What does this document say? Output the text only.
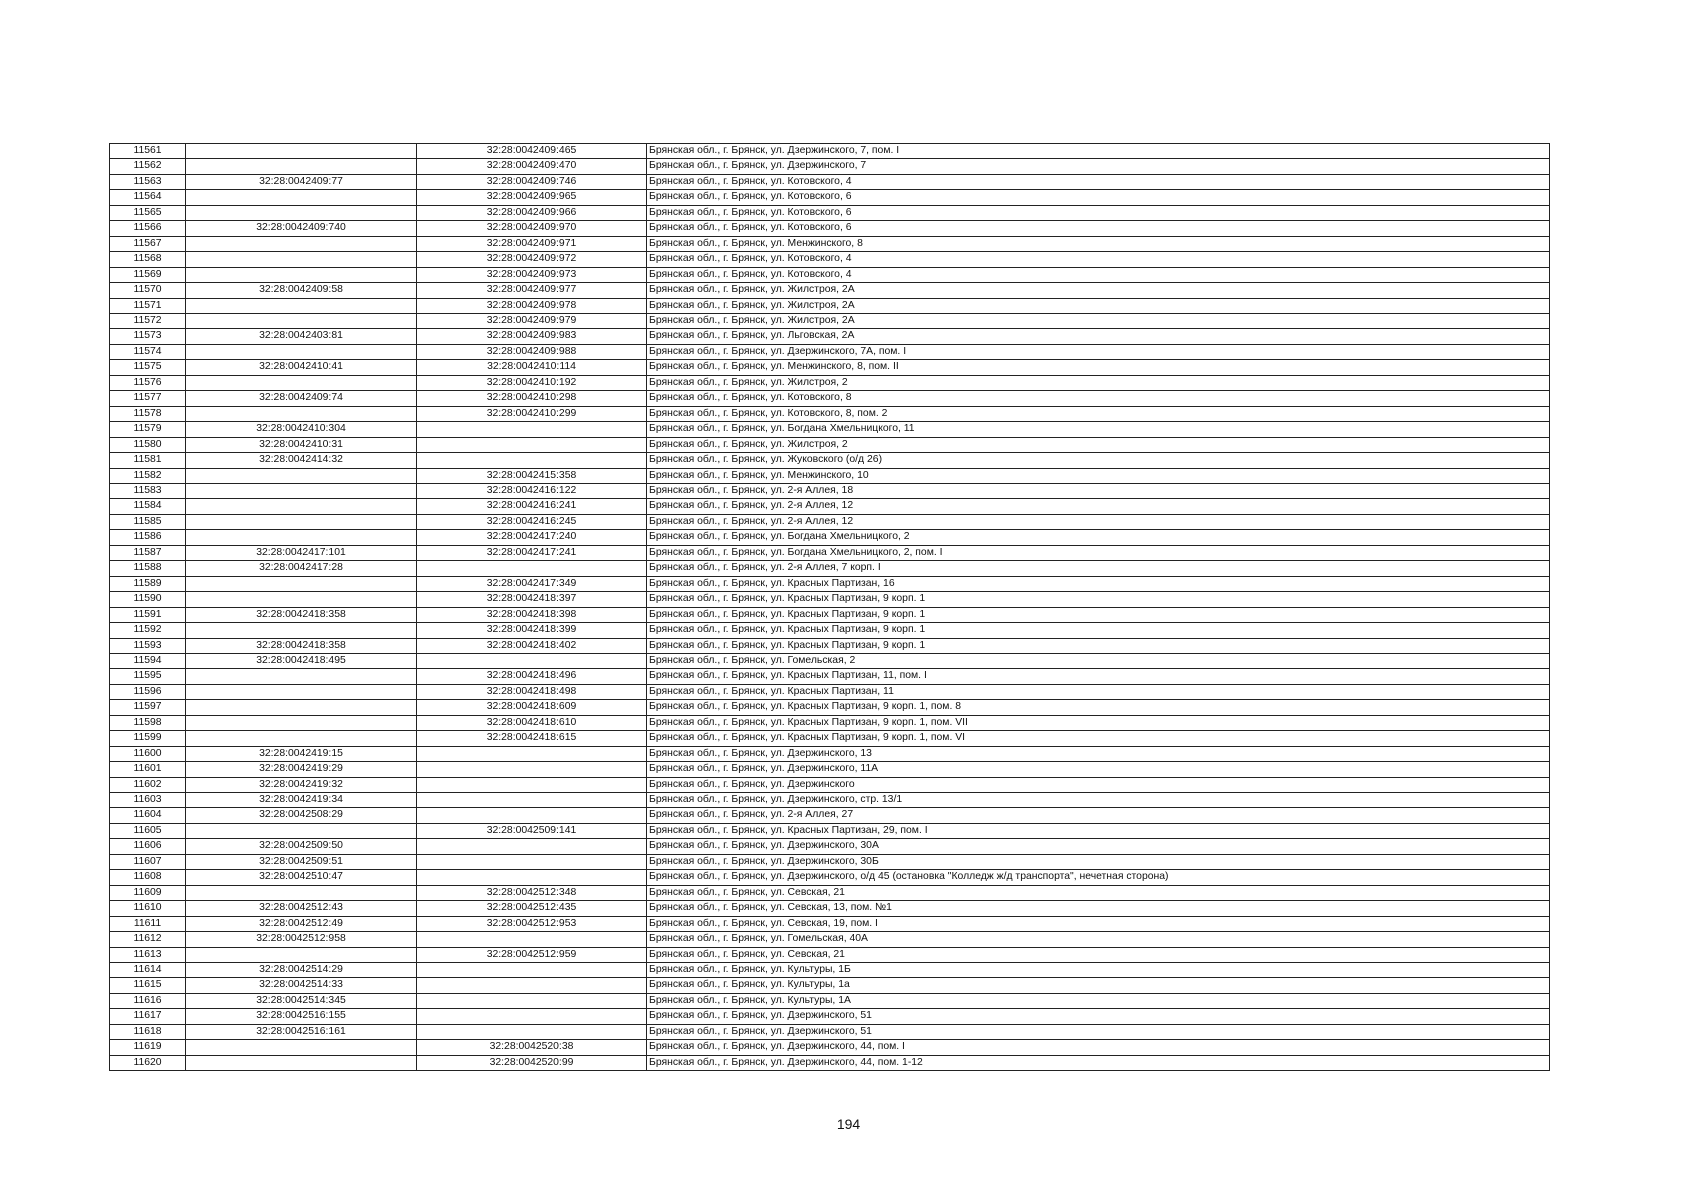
11561		32:28:0042409:465	Брянская обл., г. Брянск, ул. Дзержинского, 7, пом. I
11562		32:28:0042409:470	Брянская обл., г. Брянск, ул. Дзержинского, 7
11563	32:28:0042409:77	32:28:0042409:746	Брянская обл., г. Брянск, ул. Котовского, 4
11564		32:28:0042409:965	Брянская обл., г. Брянск, ул. Котовского, 6
11565		32:28:0042409:966	Брянская обл., г. Брянск, ул. Котовского, 6
11566	32:28:0042409:740	32:28:0042409:970	Брянская обл., г. Брянск, ул. Котовского, 6
11567		32:28:0042409:971	Брянская обл., г. Брянск, ул. Менжинского, 8
11568		32:28:0042409:972	Брянская обл., г. Брянск, ул. Котовского, 4
11569		32:28:0042409:973	Брянская обл., г. Брянск, ул. Котовского, 4
11570	32:28:0042409:58	32:28:0042409:977	Брянская обл., г. Брянск, ул. Жилстроя, 2А
11571		32:28:0042409:978	Брянская обл., г. Брянск, ул. Жилстроя, 2А
11572		32:28:0042409:979	Брянская обл., г. Брянск, ул. Жилстроя, 2А
11573	32:28:0042403:81	32:28:0042409:983	Брянская обл., г. Брянск, ул. Льговская, 2А
11574		32:28:0042409:988	Брянская обл., г. Брянск, ул. Дзержинского, 7А, пом. I
11575	32:28:0042410:41	32:28:0042410:114	Брянская обл., г. Брянск, ул. Менжинского, 8, пом. II
11576		32:28:0042410:192	Брянская обл., г. Брянск, ул. Жилстроя, 2
11577	32:28:0042409:74	32:28:0042410:298	Брянская обл., г. Брянск, ул. Котовского, 8
11578		32:28:0042410:299	Брянская обл., г. Брянск, ул. Котовского, 8, пом. 2
11579	32:28:0042410:304		Брянская обл., г. Брянск, ул. Богдана Хмельницкого, 11
11580	32:28:0042410:31		Брянская обл., г. Брянск, ул. Жилстроя, 2
11581	32:28:0042414:32		Брянская обл., г. Брянск, ул. Жуковского (о/д 26)
11582		32:28:0042415:358	Брянская обл., г. Брянск, ул. Менжинского, 10
11583		32:28:0042416:122	Брянская обл., г. Брянск, ул. 2-я Аллея, 18
11584		32:28:0042416:241	Брянская обл., г. Брянск, ул. 2-я Аллея, 12
11585		32:28:0042416:245	Брянская обл., г. Брянск, ул. 2-я Аллея, 12
11586		32:28:0042417:240	Брянская обл., г. Брянск, ул. Богдана Хмельницкого, 2
11587	32:28:0042417:101	32:28:0042417:241	Брянская обл., г. Брянск, ул. Богдана Хмельницкого, 2, пом. I
11588	32:28:0042417:28		Брянская обл., г. Брянск, ул. 2-я Аллея, 7 корп. I
11589		32:28:0042417:349	Брянская обл., г. Брянск, ул. Красных Партизан, 16
11590		32:28:0042418:397	Брянская обл., г. Брянск, ул. Красных Партизан, 9 корп. 1
11591	32:28:0042418:358	32:28:0042418:398	Брянская обл., г. Брянск, ул. Красных Партизан, 9 корп. 1
11592		32:28:0042418:399	Брянская обл., г. Брянск, ул. Красных Партизан, 9 корп. 1
11593	32:28:0042418:358	32:28:0042418:402	Брянская обл., г. Брянск, ул. Красных Партизан, 9 корп. 1
11594	32:28:0042418:495		Брянская обл., г. Брянск, ул. Гомельская, 2
11595		32:28:0042418:496	Брянская обл., г. Брянск, ул. Красных Партизан, 11, пом. I
11596		32:28:0042418:498	Брянская обл., г. Брянск, ул. Красных Партизан, 11
11597		32:28:0042418:609	Брянская обл., г. Брянск, ул. Красных Партизан, 9 корп. 1, пом. 8
11598		32:28:0042418:610	Брянская обл., г. Брянск, ул. Красных Партизан, 9 корп. 1, пом. VII
11599		32:28:0042418:615	Брянская обл., г. Брянск, ул. Красных Партизан, 9 корп. 1, пом. VI
11600	32:28:0042419:15		Брянская обл., г. Брянск, ул. Дзержинского, 13
11601	32:28:0042419:29		Брянская обл., г. Брянск, ул. Дзержинского, 11А
11602	32:28:0042419:32		Брянская обл., г. Брянск, ул. Дзержинского
11603	32:28:0042419:34		Брянская обл., г. Брянск, ул. Дзержинского, стр. 13/1
11604	32:28:0042508:29		Брянская обл., г. Брянск, ул. 2-я Аллея, 27
11605		32:28:0042509:141	Брянская обл., г. Брянск, ул. Красных Партизан, 29, пом. I
11606	32:28:0042509:50		Брянская обл., г. Брянск, ул. Дзержинского, 30А
11607	32:28:0042509:51		Брянская обл., г. Брянск, ул. Дзержинского, 30Б
11608	32:28:0042510:47		Брянская обл., г. Брянск, ул. Дзержинского, о/д 45 (остановка "Колледж ж/д транспорта", нечетная сторона)
11609		32:28:0042512:348	Брянская обл., г. Брянск, ул. Севская, 21
11610	32:28:0042512:43	32:28:0042512:435	Брянская обл., г. Брянск, ул. Севская, 13, пом. №1
11611	32:28:0042512:49	32:28:0042512:953	Брянская обл., г. Брянск, ул. Севская, 19, пом. I
11612	32:28:0042512:958		Брянская обл., г. Брянск, ул. Гомельская, 40А
11613		32:28:0042512:959	Брянская обл., г. Брянск, ул. Севская, 21
11614	32:28:0042514:29		Брянская обл., г. Брянск, ул. Культуры, 1Б
11615	32:28:0042514:33		Брянская обл., г. Брянск, ул. Культуры, 1а
11616	32:28:0042514:345		Брянская обл., г. Брянск, ул. Культуры, 1А
11617	32:28:0042516:155		Брянская обл., г. Брянск, ул. Дзержинского, 51
11618	32:28:0042516:161		Брянская обл., г. Брянск, ул. Дзержинского, 51
11619		32:28:0042520:38	Брянская обл., г. Брянск, ул. Дзержинского, 44, пом. I
11620		32:28:0042520:99	Брянская обл., г. Брянск, ул. Дзержинского, 44, пом. 1-12
194
